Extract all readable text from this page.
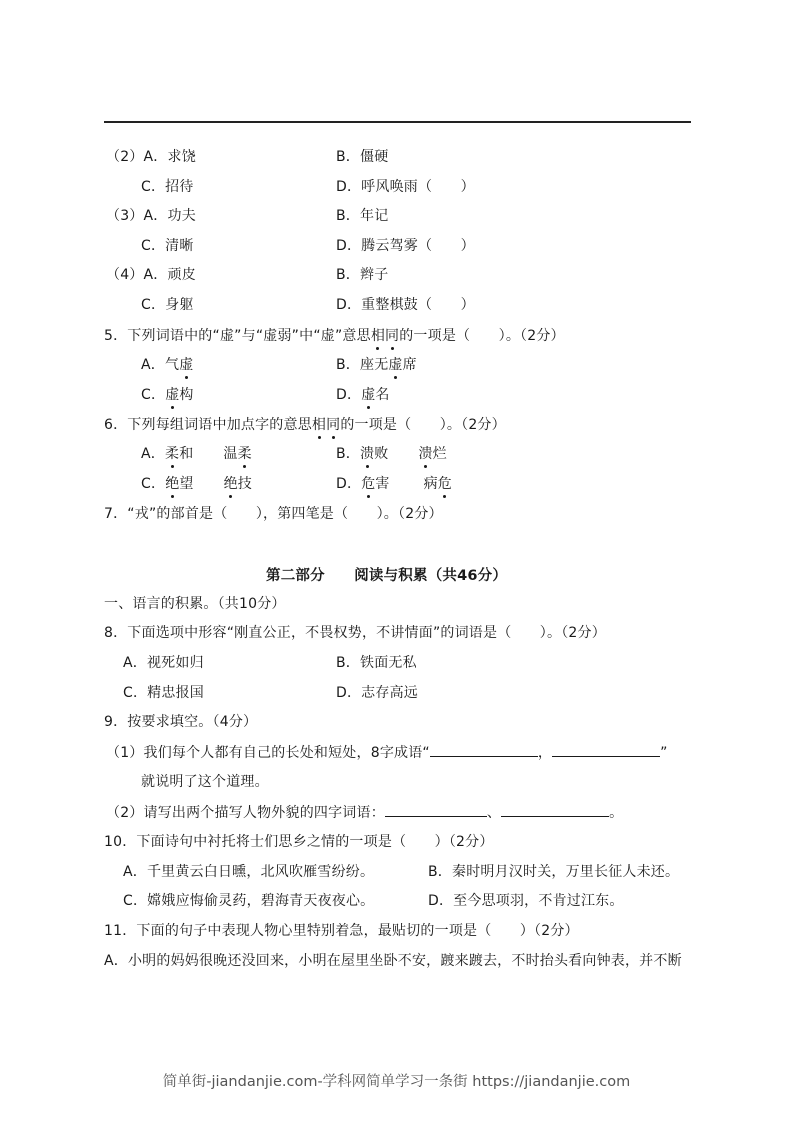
（2）A．求饶	B．僵硬
C．招待	D．呼风唤雨（　　）
（3）A．功夫	B．年记
C．清晰	D．腾云驾雾（　　）
（4）A．顽皮	B．辫子
C．身躯	D．重整棋鼓（　　）
5．下列词语中的“虚”与“虚弱”中“虚”意思相同的一项是（　　）。（2分）
A．气虚	B．座无虚席
C．虚构	D．虚名
6．下列每组词语中加点字的意思相同的一项是（　　）。（2分）
A．柔和 温柔	B．溃败 溃烂
C．绝望 绝技	D．危害 病危
7．“戎”的部首是（　　），第四笔是（　　）。（2分）
第二部分　　阅读与积累（共46分）
一、语言的积累。（共10分）
8．下面选项中形容“刚直公正，不畏权势，不讲情面”的词语是（　　）。（2分）
A．视死如归	B．铁面无私
C．精忠报国	D．志存高远
9．按要求填空。（4分）
（1）我们每个人都有自己的长处和短处，8字成语“	，	”
就说明了这个道理。
（2）请写出两个描写人物外貌的四字词语：	、	。
10．下面诗句中衬托将士们思乡之情的一项是（　　）（2分）
A．千里黄云白日曛，北风吹雁雪纷纷。	B．秦时明月汉时关，万里长征人未还。
C．嫦娥应悔偷灵药，碧海青天夜夜心。	D．至今思项羽，不肯过江东。
11．下面的句子中表现人物心里特别着急，最贴切的一项是（　　）（2分）
A．小明的妈妈很晚还没回来，小明在屋里坐卧不安，踱来踱去，不时抬头看向钟表，并不断
简单街-jiandanjie.com-学科网简单学习一条街 https://jiandanjie.com
